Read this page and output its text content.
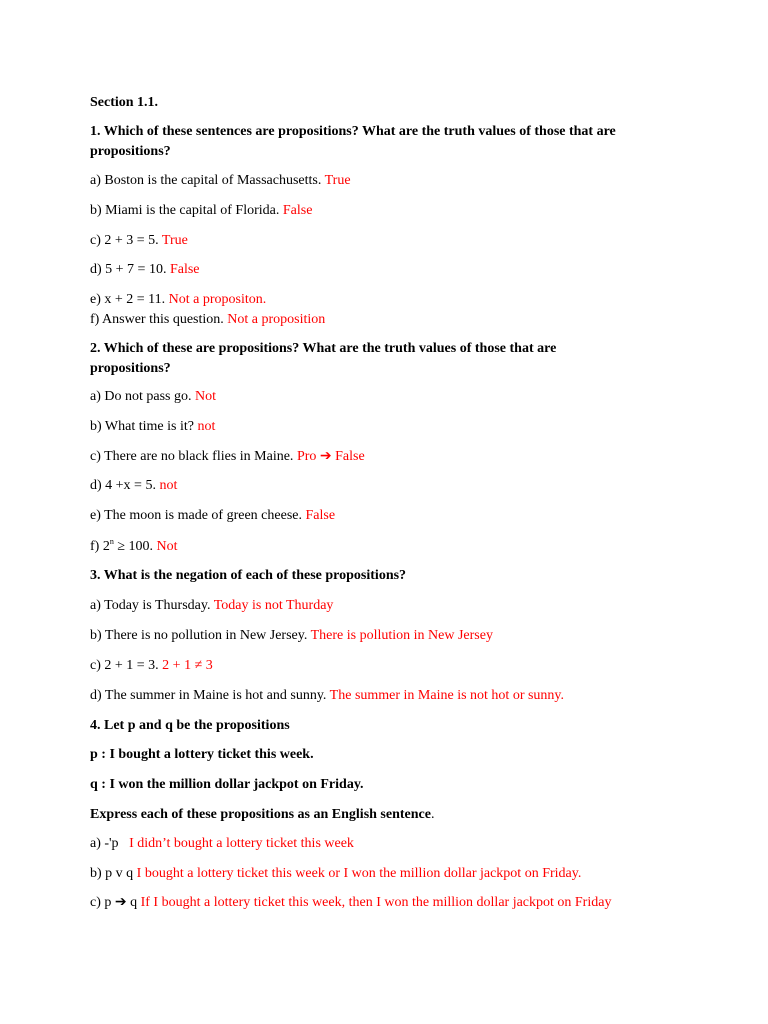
Section 1.1.
1. Which of these sentences are propositions? What are the truth values of those that are
propositions?
a) Boston is the capital of Massachusetts. True
b) Miami is the capital of Florida. False
c) 2 + 3 = 5. True
d) 5 + 7 = 10. False
e) x + 2 = 11. Not a propositon.
f) Answer this question. Not a proposition
2. Which of these are propositions? What are the truth values of those that are
propositions?
a) Do not pass go. Not
b) What time is it? not
c) There are no black flies in Maine. Pro ➔ False
d) 4 +x = 5. not
e) The moon is made of green cheese. False
f) $2^n \ge 100$. Not
3. What is the negation of each of these propositions?
a) Today is Thursday. Today is not Thurday
b) There is no pollution in New Jersey. There is pollution in New Jersey
c) 2 + 1 = 3. 2 + 1 ≠ 3
d) The summer in Maine is hot and sunny. The summer in Maine is not hot or sunny.
4. Let p and q be the propositions
p : I bought a lottery ticket this week.
q : I won the million dollar jackpot on Friday.
Express each of these propositions as an English sentence.
a) -'p I didn’t bought a lottery ticket this week
b) p v q I bought a lottery ticket this week or I won the million dollar jackpot on Friday.
c) p ➔ q If I bought a lottery ticket this week, then I won the million dollar jackpot on Friday
